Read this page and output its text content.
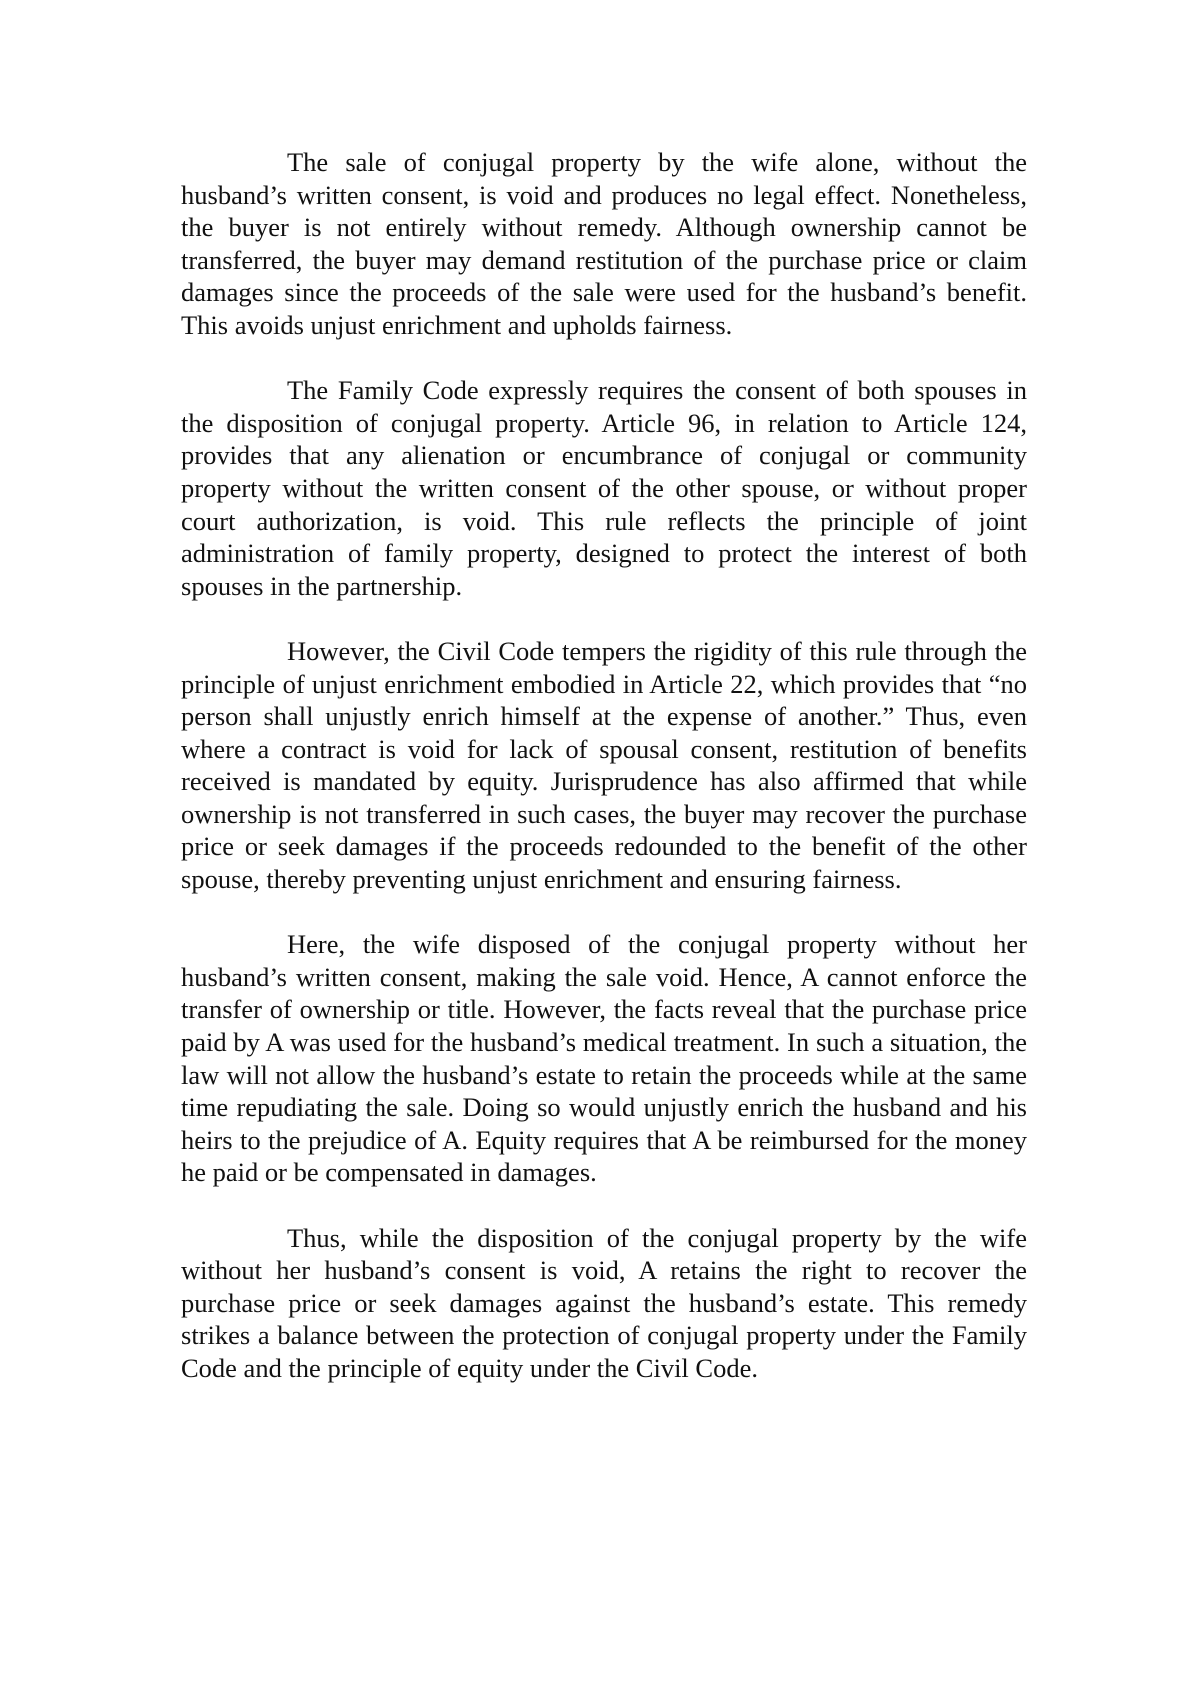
The sale of conjugal property by the wife alone, without the husband’s written consent, is void and produces no legal effect. Nonetheless, the buyer is not entirely without remedy. Although ownership cannot be transferred, the buyer may demand restitution of the purchase price or claim damages since the proceeds of the sale were used for the husband’s benefit. This avoids unjust enrichment and upholds fairness.

The Family Code expressly requires the consent of both spouses in the disposition of conjugal property. Article 96, in relation to Article 124, provides that any alienation or encumbrance of conjugal or community property without the written consent of the other spouse, or without proper court authorization, is void. This rule reflects the principle of joint administration of family property, designed to protect the interest of both spouses in the partnership.

However, the Civil Code tempers the rigidity of this rule through the principle of unjust enrichment embodied in Article 22, which provides that “no person shall unjustly enrich himself at the expense of another.” Thus, even where a contract is void for lack of spousal consent, restitution of benefits received is mandated by equity. Jurisprudence has also affirmed that while ownership is not transferred in such cases, the buyer may recover the purchase price or seek damages if the proceeds redounded to the benefit of the other spouse, thereby preventing unjust enrichment and ensuring fairness.

Here, the wife disposed of the conjugal property without her husband’s written consent, making the sale void. Hence, A cannot enforce the transfer of ownership or title. However, the facts reveal that the purchase price paid by A was used for the husband’s medical treatment. In such a situation, the law will not allow the husband’s estate to retain the proceeds while at the same time repudiating the sale. Doing so would unjustly enrich the husband and his heirs to the prejudice of A. Equity requires that A be reimbursed for the money he paid or be compensated in damages.

Thus, while the disposition of the conjugal property by the wife without her husband’s consent is void, A retains the right to recover the purchase price or seek damages against the husband’s estate. This remedy strikes a balance between the protection of conjugal property under the Family Code and the principle of equity under the Civil Code.
